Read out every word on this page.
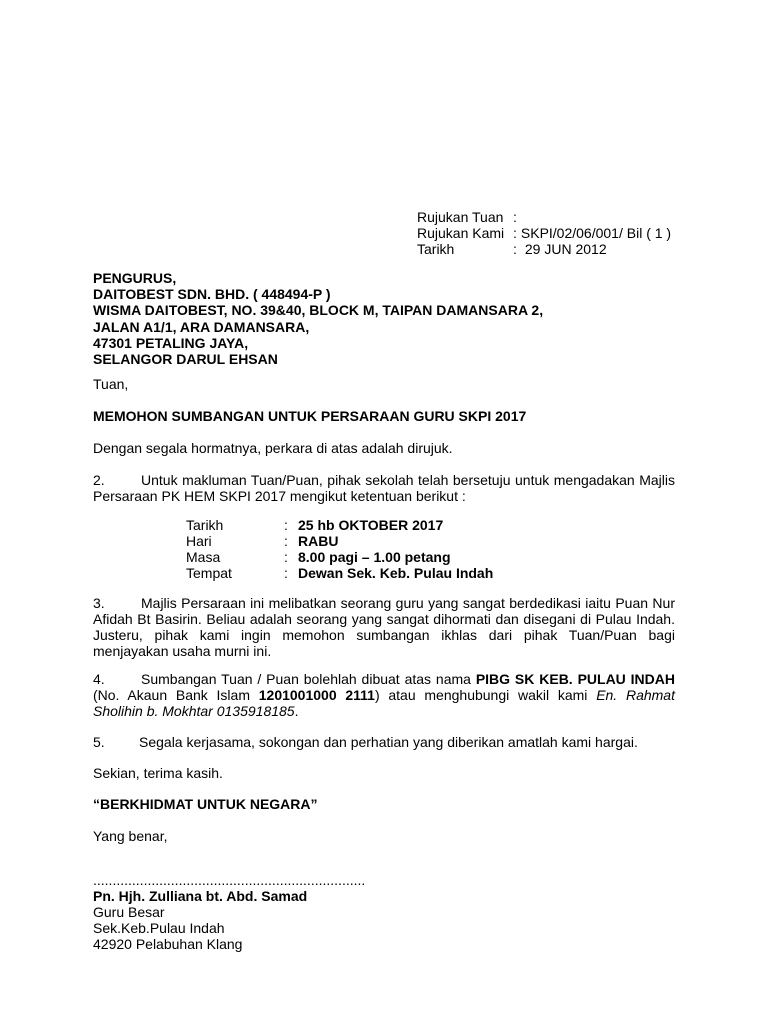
Rujukan Tuan :
Rujukan Kami : SKPI/02/06/001/ Bil ( 1 )
Tarikh	: 29 JUN 2012
PENGURUS,
DAITOBEST SDN. BHD. ( 448494-P )
WISMA DAITOBEST, NO. 39&40, BLOCK M, TAIPAN DAMANSARA 2,
JALAN A1/1, ARA DAMANSARA,
47301 PETALING JAYA,
SELANGOR DARUL EHSAN
Tuan,
MEMOHON SUMBANGAN UNTUK PERSARAAN GURU SKPI 2017
Dengan segala hormatnya, perkara di atas adalah dirujuk.
2.	Untuk makluman Tuan/Puan, pihak sekolah telah bersetuju untuk mengadakan Majlis Persaraan PK HEM SKPI 2017 mengikut ketentuan berikut :
Tarikh	: 25 hb OKTOBER 2017
Hari	: RABU
Masa	: 8.00 pagi – 1.00 petang
Tempat	: Dewan Sek. Keb. Pulau Indah
3.	Majlis Persaraan ini melibatkan seorang guru yang sangat berdedikasi iaitu Puan Nur Afidah Bt Basirin. Beliau adalah seorang yang sangat dihormati dan disegani di Pulau Indah. Justeru, pihak kami ingin memohon sumbangan ikhlas dari pihak Tuan/Puan bagi menjayakan usaha murni ini.
4.	Sumbangan Tuan / Puan bolehlah dibuat atas nama PIBG SK KEB. PULAU INDAH (No. Akaun Bank Islam 1201001000 2111) atau menghubungi wakil kami En. Rahmat Sholihin b. Mokhtar 0135918185.
5. Segala kerjasama, sokongan dan perhatian yang diberikan amatlah kami hargai.
Sekian, terima kasih.
“BERKHIDMAT UNTUK NEGARA”
Yang benar,
......................................................................
Pn. Hjh. Zulliana bt. Abd. Samad
Guru Besar
Sek.Keb.Pulau Indah
42920 Pelabuhan Klang
